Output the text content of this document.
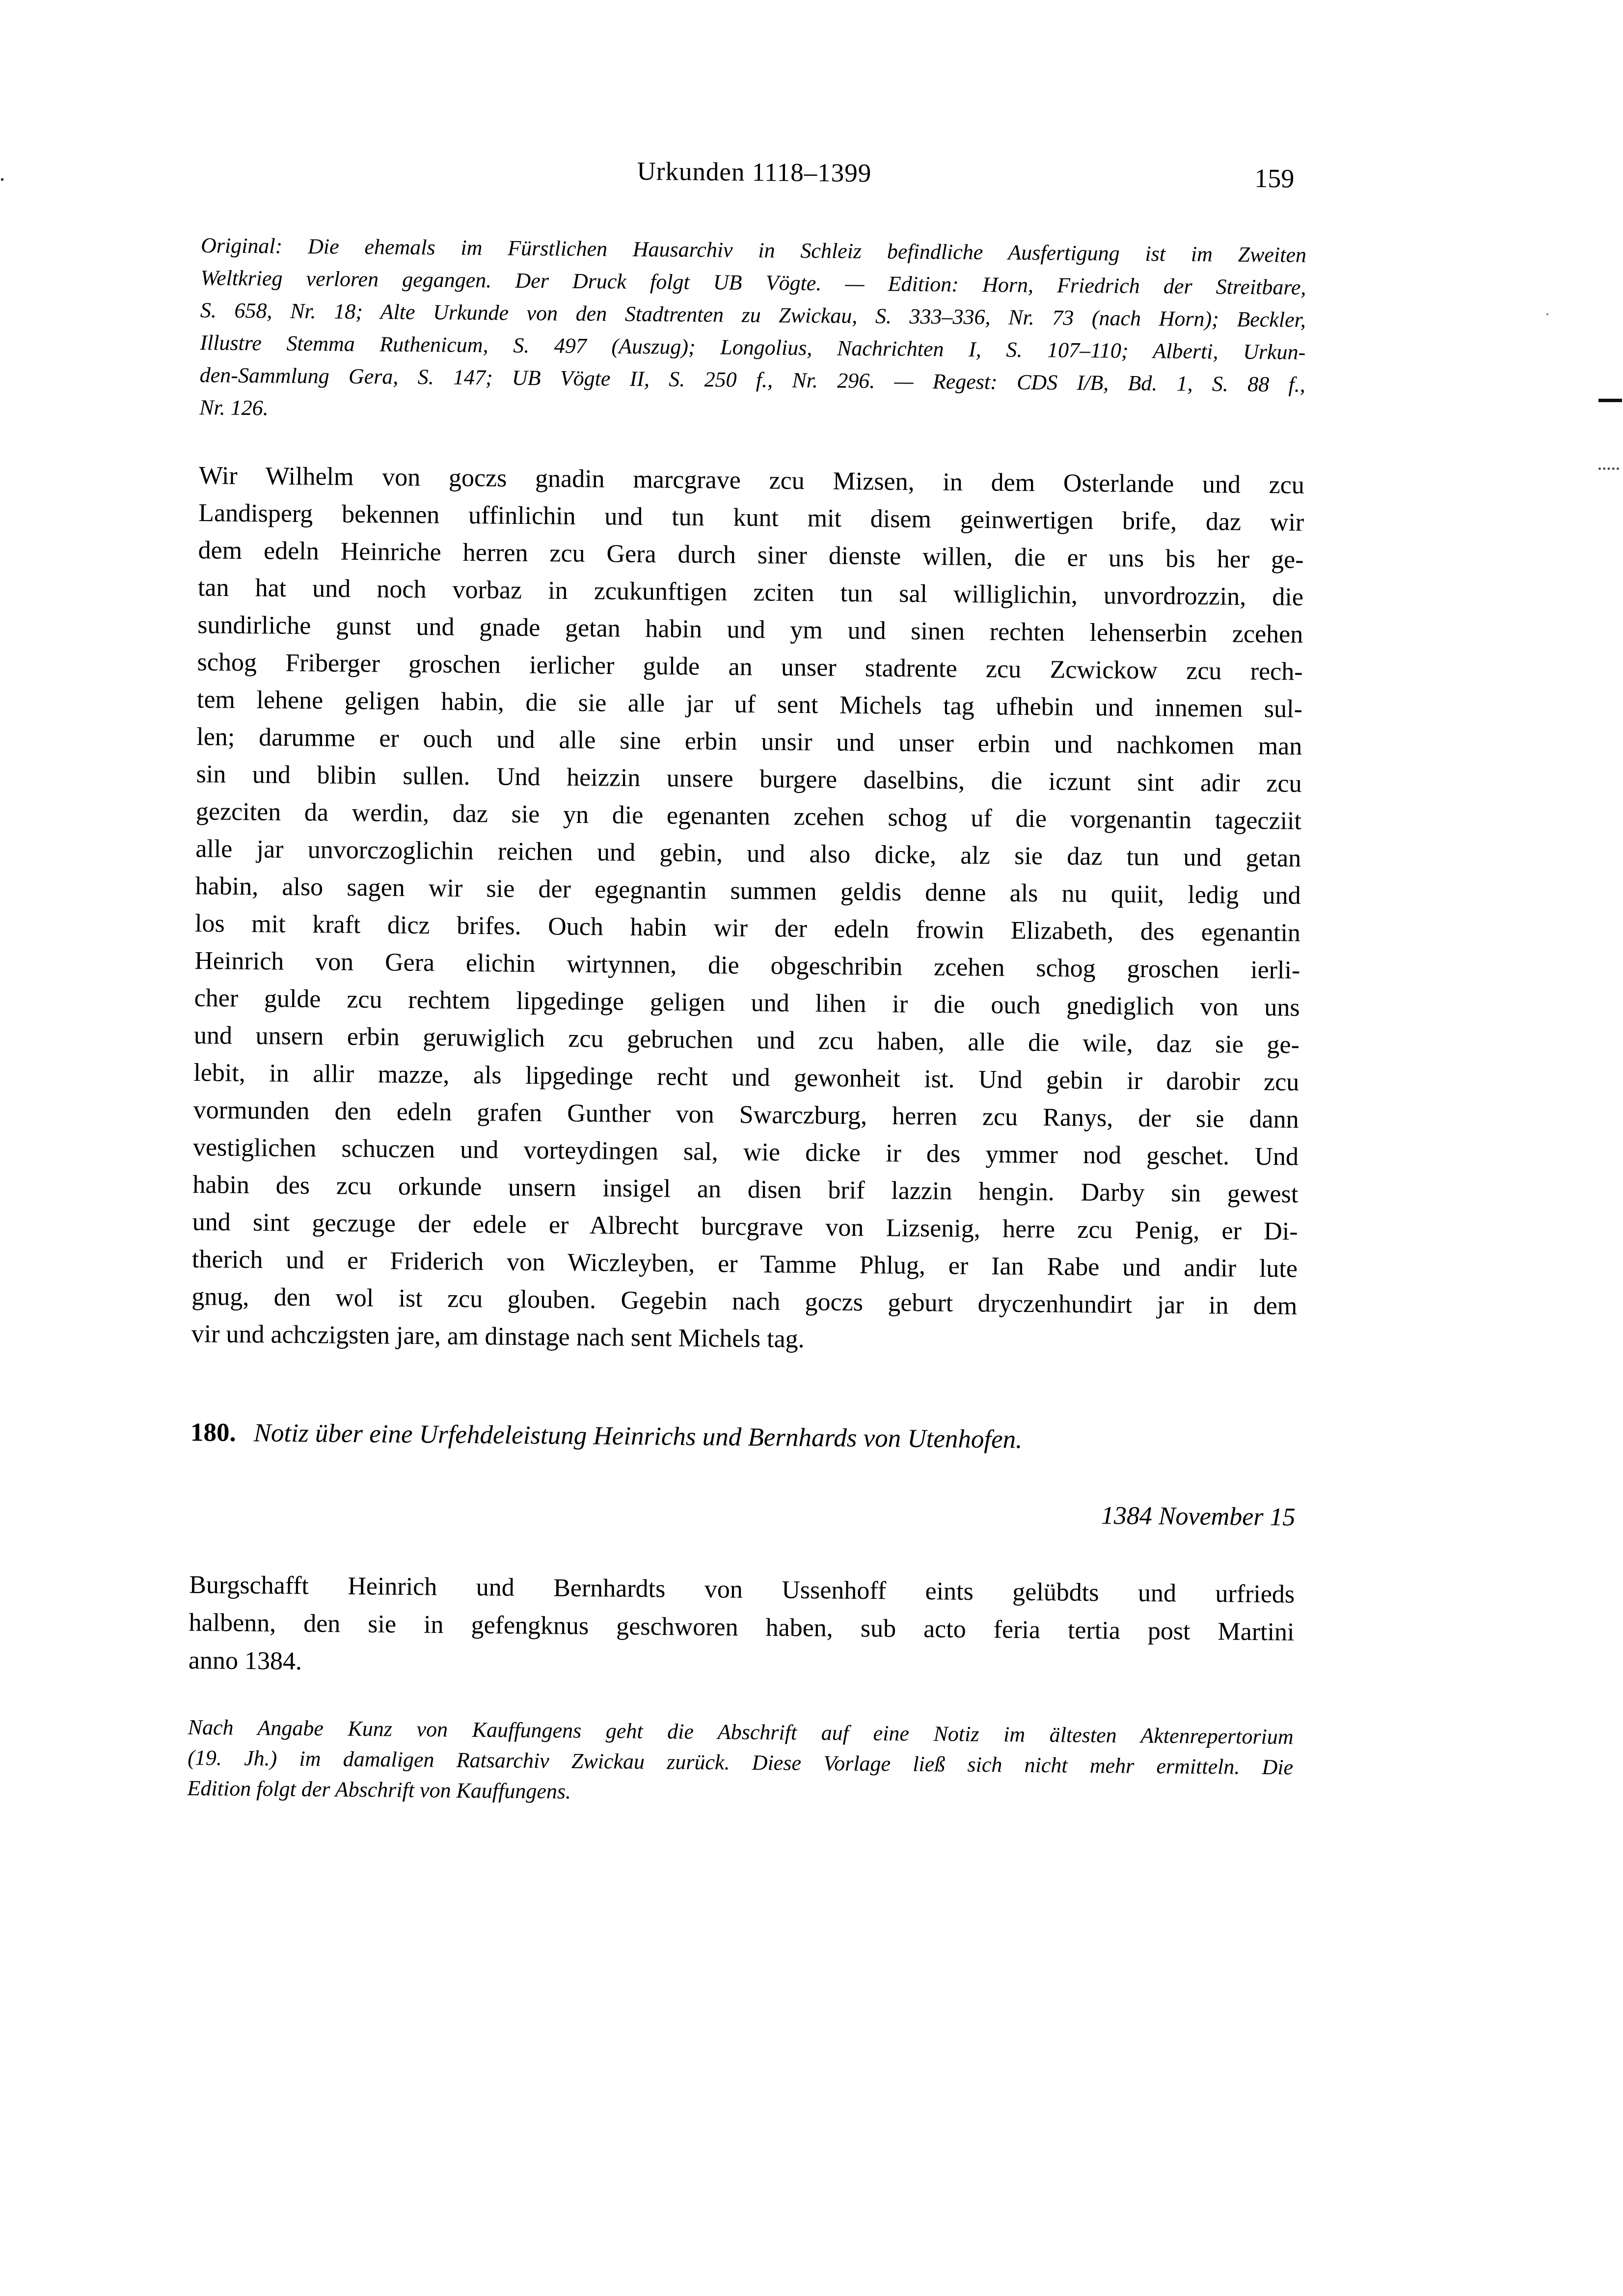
Urkunden 1118–1399	159
Original: Die ehemals im Fürstlichen Hausarchiv in Schleiz befindliche Ausfertigung ist im Zweiten
Weltkrieg verloren gegangen. Der Druck folgt UB Vögte. — Edition: Horn, Friedrich der Streitbare,
S. 658, Nr. 18; Alte Urkunde von den Stadtrenten zu Zwickau, S. 333–336, Nr. 73 (nach Horn); Beckler,
Illustre Stemma Ruthenicum, S. 497 (Auszug); Longolius, Nachrichten I, S. 107–110; Alberti, Urkun-
den-Sammlung Gera, S. 147; UB Vögte II, S. 250 f., Nr. 296. — Regest: CDS I/B, Bd. 1, S. 88 f.,
Nr. 126.
Wir Wilhelm von goczs gnadin marcgrave zcu Mizsen, in dem Osterlande und zcu
Landisperg bekennen uffinlichin und tun kunt mit disem geinwertigen brife, daz wir
dem edeln Heinriche herren zcu Gera durch siner dienste willen, die er uns bis her ge-
tan hat und noch vorbaz in zcukunftigen zciten tun sal williglichin, unvordrozzin, die
sundirliche gunst und gnade getan habin und ym und sinen rechten lehenserbin zcehen
schog Friberger groschen ierlicher gulde an unser stadrente zcu Zcwickow zcu rech-
tem lehene geligen habin, die sie alle jar uf sent Michels tag ufhebin und innemen sul-
len; darumme er ouch und alle sine erbin unsir und unser erbin und nachkomen man
sin und blibin sullen. Und heizzin unsere burgere daselbins, die iczunt sint adir zcu
gezciten da werdin, daz sie yn die egenanten zcehen schog uf die vorgenantin tagecziit
alle jar unvorczoglichin reichen und gebin, und also dicke, alz sie daz tun und getan
habin, also sagen wir sie der egegnantin summen geldis denne als nu quiit, ledig und
los mit kraft dicz brifes. Ouch habin wir der edeln frowin Elizabeth, des egenantin
Heinrich von Gera elichin wirtynnen, die obgeschribin zcehen schog groschen ierli-
cher gulde zcu rechtem lipgedinge geligen und lihen ir die ouch gnediglich von uns
und unsern erbin geruwiglich zcu gebruchen und zcu haben, alle die wile, daz sie ge-
lebit, in allir mazze, als lipgedinge recht und gewonheit ist. Und gebin ir darobir zcu
vormunden den edeln grafen Gunther von Swarczburg, herren zcu Ranys, der sie dann
vestiglichen schuczen und vorteydingen sal, wie dicke ir des ymmer nod geschet. Und
habin des zcu orkunde unsern insigel an disen brif lazzin hengin. Darby sin gewest
und sint geczuge der edele er Albrecht burcgrave von Lizsenig, herre zcu Penig, er Di-
therich und er Friderich von Wiczleyben, er Tamme Phlug, er Ian Rabe und andir lute
gnug, den wol ist zcu glouben. Gegebin nach goczs geburt dryczenhundirt jar in dem
vir und achczigsten jare, am dinstage nach sent Michels tag.
180. Notiz über eine Urfehdeleistung Heinrichs und Bernhards von Utenhofen.
1384 November 15
Burgschafft Heinrich und Bernhardts von Ussenhoff eints gelübdts und urfrieds
halbenn, den sie in gefengknus geschworen haben, sub acto feria tertia post Martini
anno 1384.
Nach Angabe Kunz von Kauffungens geht die Abschrift auf eine Notiz im ältesten Aktenrepertorium
(19. Jh.) im damaligen Ratsarchiv Zwickau zurück. Diese Vorlage ließ sich nicht mehr ermitteln. Die
Edition folgt der Abschrift von Kauffungens.
